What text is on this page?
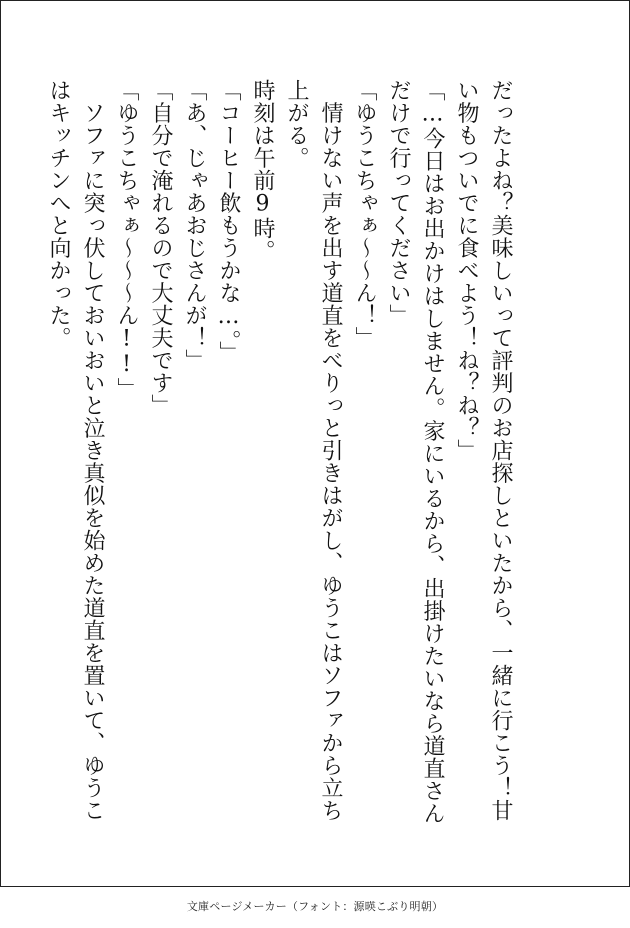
だったよね？美味しいって評判のお店探しといたから、一緒に行こう！甘
い物もついでに食べよう！ね？ね？」
「…今日はお出かけはしません。家にいるから、出掛けたいなら道直さん
だけで行ってください」
「ゆうこちゃぁ〜〜ん！」
　情けない声を出す道直をべりっと引きはがし、ゆうこはソファから立ち
上がる。
時刻は午前9時。
「コーヒー飲もうかな…。」
「あ、じゃあおじさんが！」
「自分で淹れるので大丈夫です」
「ゆうこちゃぁ〜〜〜ん!!」
　ソファに突っ伏しておいおいと泣き真似を始めた道直を置いて、ゆうこ
はキッチンへと向かった。
文庫ページメーカー（フォント：源暎こぶり明朝）
